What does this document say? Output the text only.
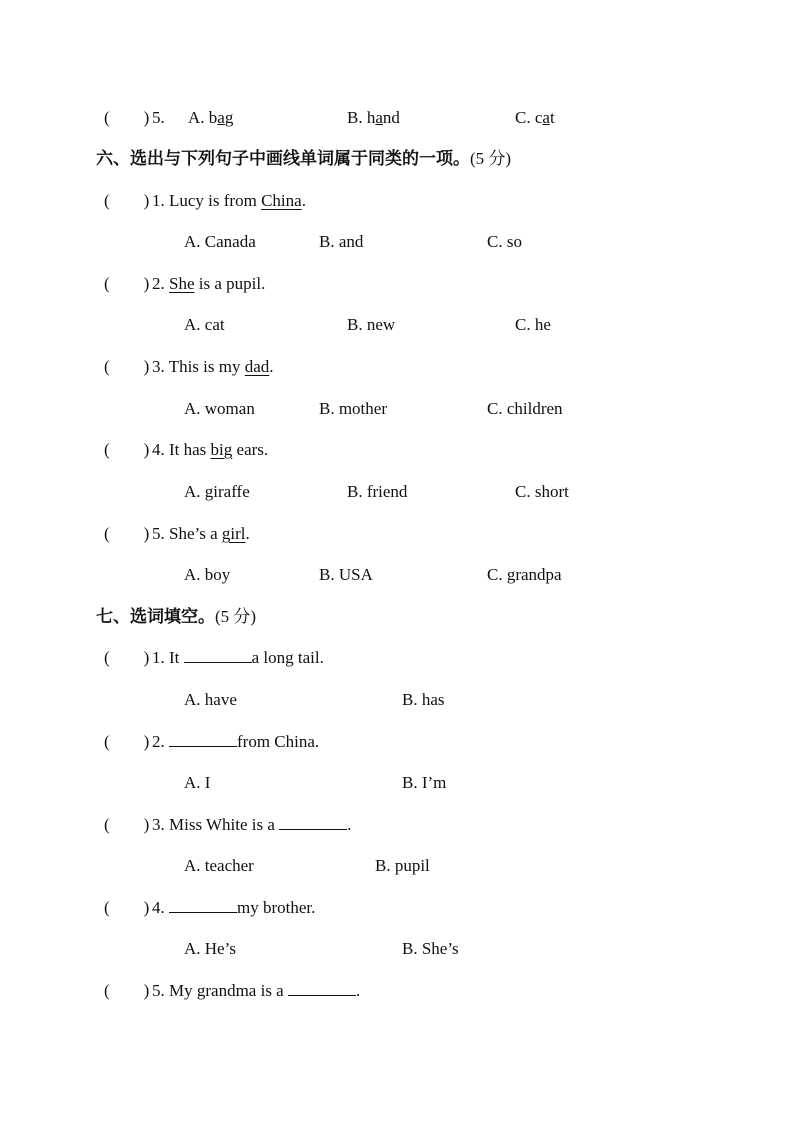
(　　) 5. A. bag	B. hand	C. cat
六、选出与下列句子中画线单词属于同类的一项。(5 分)
(　　) 1. Lucy is from China.
A. Canada	B. and	C. so
(　　) 2. She is a pupil.
A. cat	B. new	C. he
(　　) 3. This is my dad.
A. woman	B. mother	C. children
(　　) 4. It has big ears.
A. giraffe	B. friend	C. short
(　　) 5. She’s a girl.
A. boy	B. USA	C. grandpa
七、选词填空。(5 分)
(　　) 1. It	a long tail.
A. have	B. has
(　　) 2.	from China.
A. I	B. I’m
(　　) 3. Miss White is a	.
A. teacher	B. pupil
(　　) 4.	my brother.
A. He’s	B. She’s
(　　) 5. My grandma is a	.
